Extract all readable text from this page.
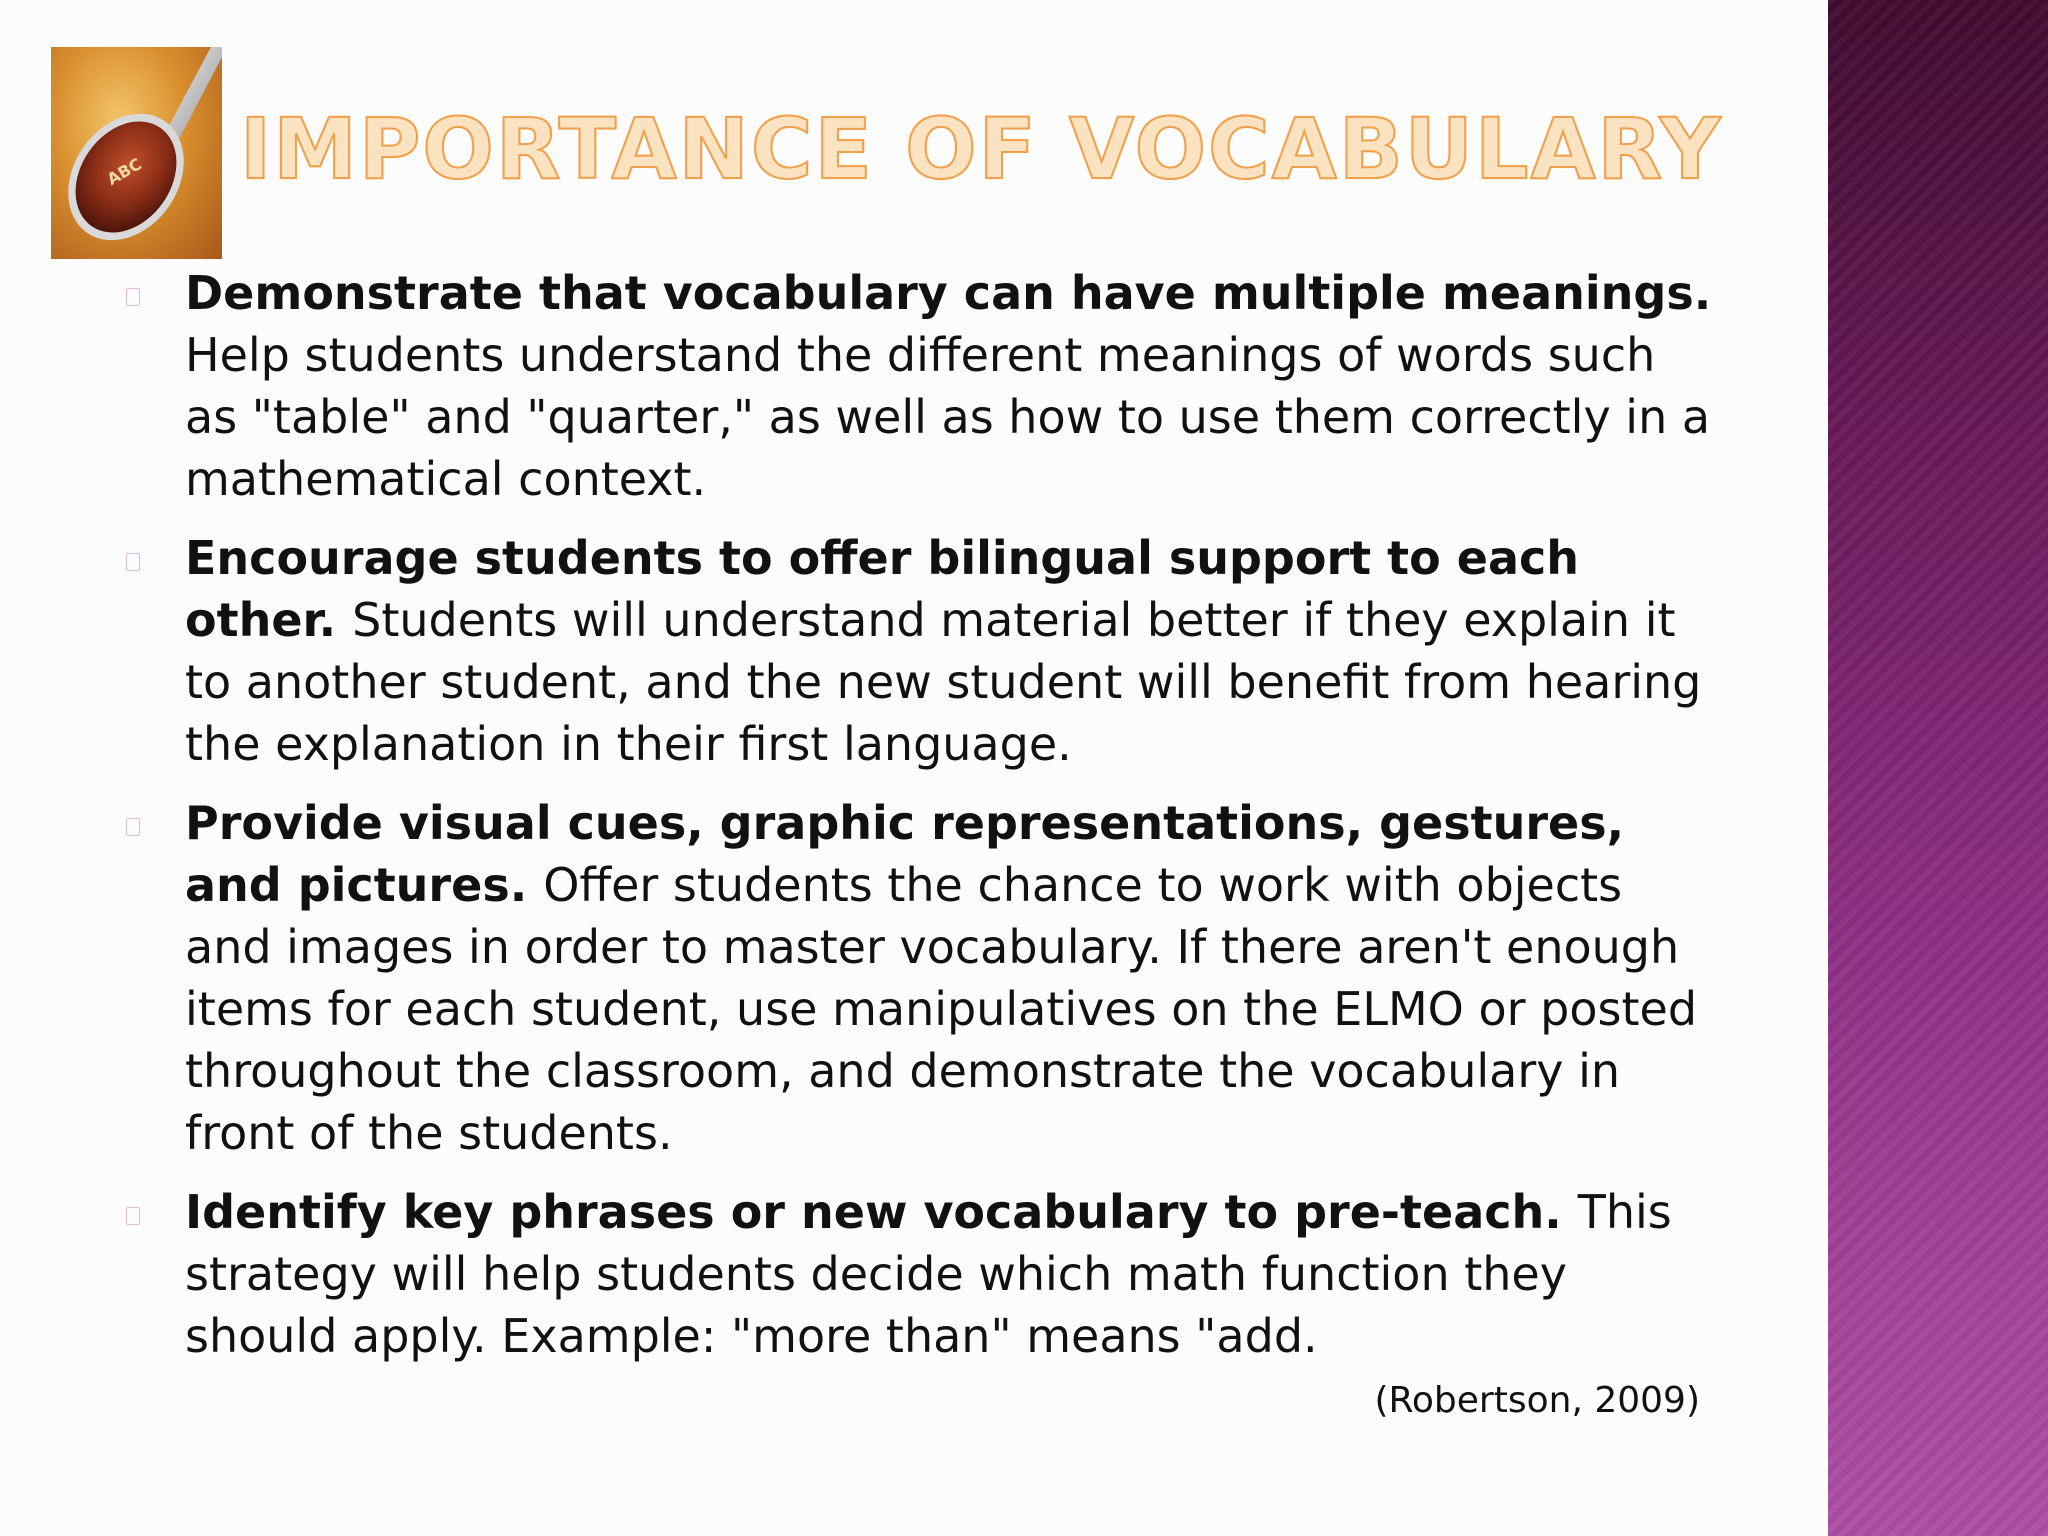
ABC IMPORTANCE OF VOCABULARY
Demonstrate that vocabulary can have multiple meanings. Help students understand the different meanings of words such as "table" and "quarter," as well as how to use them correctly in a mathematical context.
Encourage students to offer bilingual support to each other. Students will understand material better if they explain it to another student, and the new student will benefit from hearing the explanation in their first language.
Provide visual cues, graphic representations, gestures, and pictures. Offer students the chance to work with objects and images in order to master vocabulary. If there aren't enough items for each student, use manipulatives on the ELMO or posted throughout the classroom, and demonstrate the vocabulary in front of the students.
Identify key phrases or new vocabulary to pre-teach. This strategy will help students decide which math function they should apply. Example: "more than" means "add.
(Robertson, 2009)
